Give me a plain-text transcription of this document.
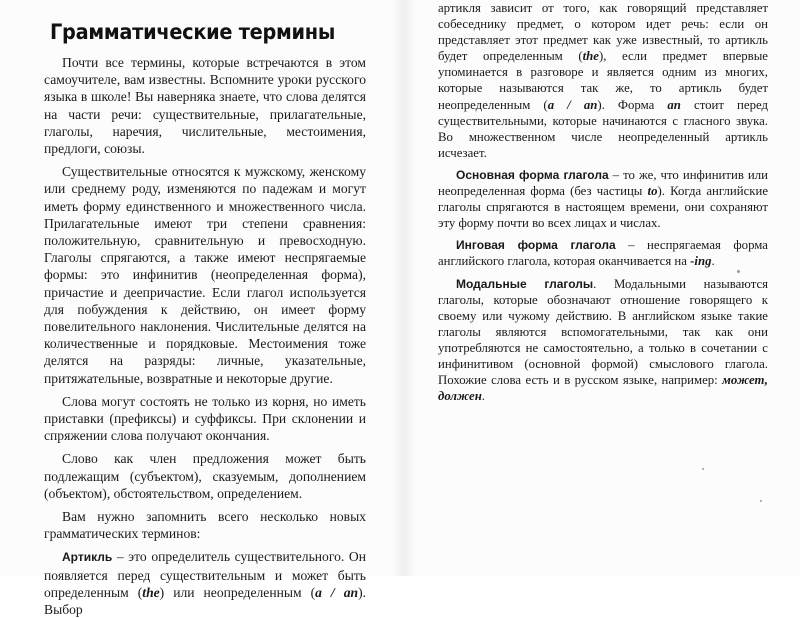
Грамматические термины

Почти все термины, которые встречаются в этом самоучителе, вам известны. Вспомните уроки русского языка в школе! Вы наверняка знаете, что слова делятся на части речи: существительные, прилагательные, глаголы, наречия, числительные, местоимения, предлоги, союзы.

Существительные относятся к мужскому, женскому или среднему роду, изменяются по падежам и могут иметь форму единственного и множественного числа. Прилагательные имеют три степени сравнения: положительную, сравнительную и превосходную. Глаголы спрягаются, а также имеют неспрягаемые формы: это инфинитив (неопределенная форма), причастие и деепричастие. Если глагол используется для побуждения к действию, он имеет форму повелительного наклонения. Числительные делятся на количественные и порядковые. Местоимения тоже делятся на разряды: личные, указательные, притяжательные, возвратные и некоторые другие.

Слова могут состоять не только из корня, но иметь приставки (префиксы) и суффиксы. При склонении и спряжении слова получают окончания.

Слово как член предложения может быть подлежащим (субъектом), сказуемым, дополнением (объектом), обстоятельством, определением.

Вам нужно запомнить всего несколько новых грамматических терминов:

Артикль – это определитель существительного. Он появляется перед существительным и может быть определенным (the) или неопределенным (a / an). Выбор

артикля зависит от того, как говорящий представляет собеседнику предмет, о котором идет речь: если он представляет этот предмет как уже известный, то артикль будет определенным (the), если предмет впервые упоминается в разговоре и является одним из многих, которые называются так же, то артикль будет неопределенным (a / an). Форма an стоит перед существительными, которые начинаются с гласного звука. Во множественном числе неопределенный артикль исчезает.

Основная форма глагола – то же, что инфинитив или неопределенная форма (без частицы to). Когда английские глаголы спрягаются в настоящем времени, они сохраняют эту форму почти во всех лицах и числах.

Инговая форма глагола – неспрягаемая форма английского глагола, которая оканчивается на -ing.

Модальные глаголы. Модальными называются глаголы, которые обозначают отношение говорящего к своему или чужому действию. В английском языке такие глаголы являются вспомогательными, так как они употребляются не самостоятельно, а только в сочетании с инфинитивом (основной формой) смыслового глагола. Похожие слова есть и в русском языке, например: может, должен.
